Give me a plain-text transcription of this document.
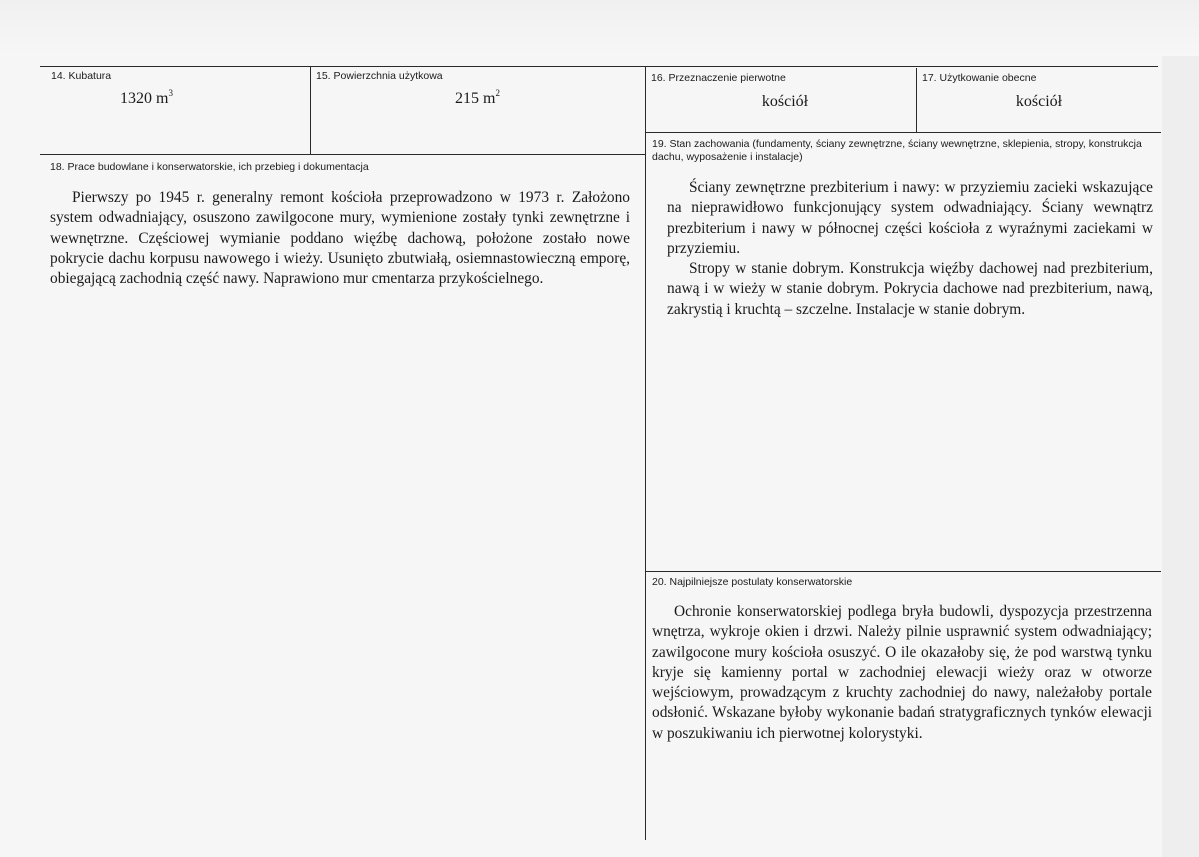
14. Kubatura
1320 $m^3$
15. Powierzchnia użytkowa
215 $m^2$
16. Przeznaczenie pierwotne
kościół
17. Użytkowanie obecne
kościół
18. Prace budowlane i konserwatorskie, ich przebieg i dokumentacja

Pierwszy po 1945 r. generalny remont kościoła przeprowadzono w 1973 r. Założono system odwadniający, osuszono zawilgocone mury, wymienione zostały tynki zewnętrzne i wewnętrzne. Częściowej wymianie poddano więźbę dachową, położone zostało nowe pokrycie dachu korpusu nawowego i wieży. Usunięto zbutwiałą, osiemnastowieczną emporę, obiegającą zachodnią część nawy. Naprawiono mur cmentarza przykościelnego.

19. Stan zachowania (fundamenty, ściany zewnętrzne, ściany wewnętrzne, sklepienia, stropy, konstrukcja dachu, wyposażenie i instalacje)

Ściany zewnętrzne prezbiterium i nawy: w przyziemiu zacieki wskazujące na nieprawidłowo funkcjonujący system odwadniający. Ściany wewnątrz prezbiterium i nawy w północnej części kościoła z wyraźnymi zaciekami w przyziemiu.

Stropy w stanie dobrym. Konstrukcja więźby dachowej nad prezbiterium, nawą i w wieży w stanie dobrym. Pokrycia dachowe nad prezbiterium, nawą, zakrystią i kruchtą – szczelne. Instalacje w stanie dobrym.

20. Najpilniejsze postulaty konserwatorskie

Ochronie konserwatorskiej podlega bryła budowli, dyspozycja przestrzenna wnętrza, wykroje okien i drzwi. Należy pilnie usprawnić system odwadniający; zawilgocone mury kościoła osuszyć. O ile okazałoby się, że pod warstwą tynku kryje się kamienny portal w zachodniej elewacji wieży oraz w otworze wejściowym, prowadzącym z kruchty zachodniej do nawy, należałoby portale odsłonić. Wskazane byłoby wykonanie badań stratygraficznych tynków elewacji w poszukiwaniu ich pierwotnej kolorystyki.
